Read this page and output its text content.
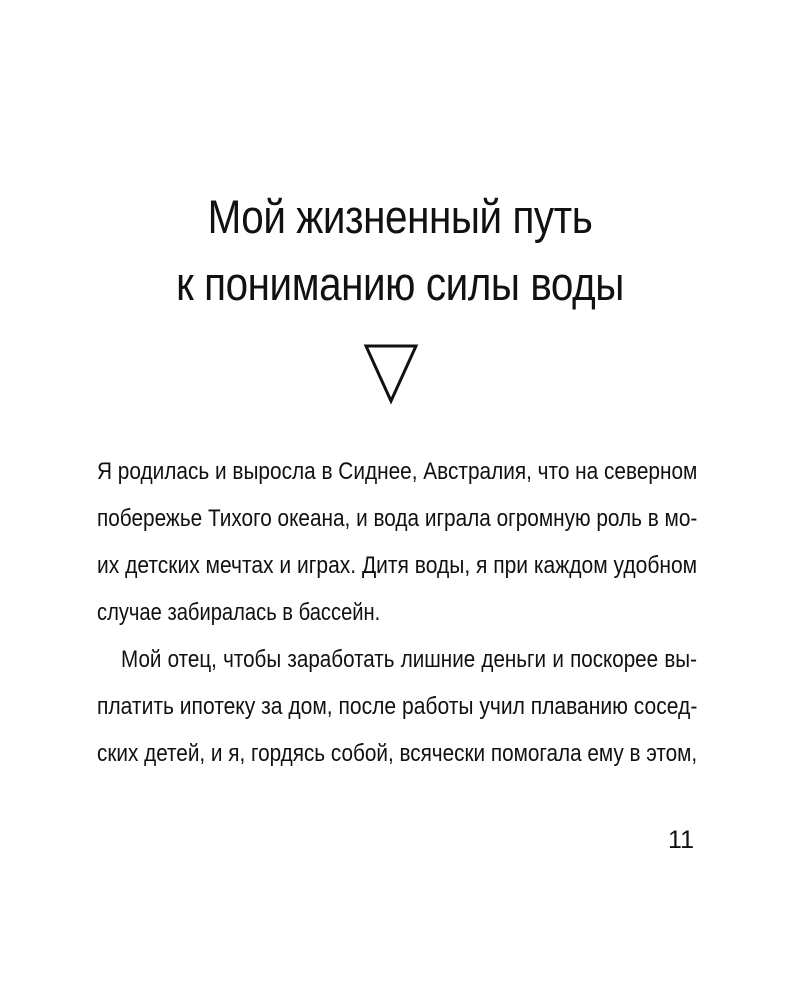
Мой жизненный путь
к пониманию силы воды
Я родилась и выросла в Сиднее, Австралия, что на северном
побережье Тихого океана, и вода играла огромную роль в мо-
их детских мечтах и играх. Дитя воды, я при каждом удобном
случае забиралась в бассейн.
Мой отец, чтобы заработать лишние деньги и поскорее вы-
платить ипотеку за дом, после работы учил плаванию сосед-
ских детей, и я, гордясь собой, всячески помогала ему в этом,
11
